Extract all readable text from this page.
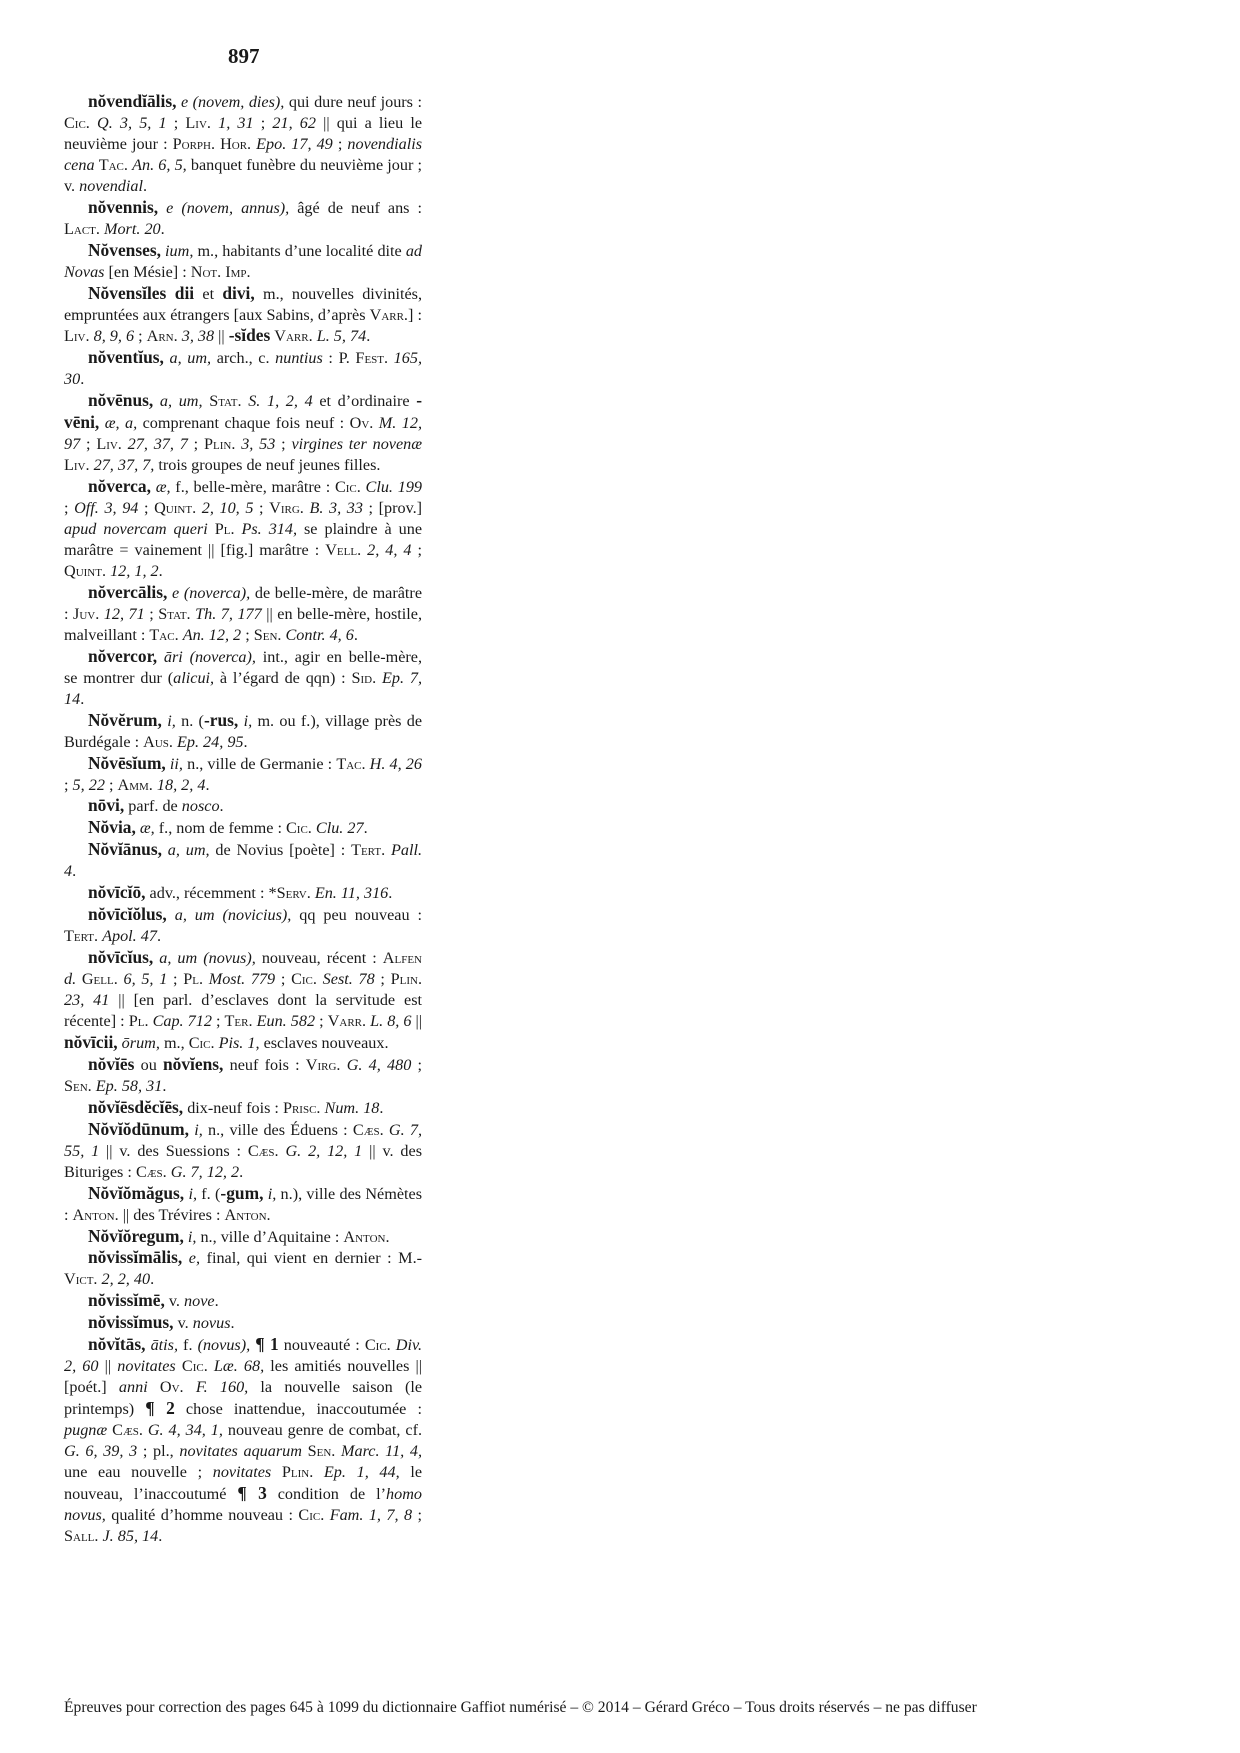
897

nŏvendĭālis, e (novem, dies), qui dure neuf jours : Cic. Q. 3, 5, 1 ; Liv. 1, 31 ; 21, 62 || qui a lieu le neuvième jour : Porph. Hor. Epo. 17, 49 ; novendialis cena Tac. An. 6, 5, banquet funèbre du neuvième jour ; v. novendial.

nŏvennis, e (novem, annus), âgé de neuf ans : Lact. Mort. 20.

Nŏvenses, ium, m., habitants d’une localité dite ad Novas [en Mésie] : Not. Imp.

Nŏvensĭles dii et divi, m., nouvelles divinités, empruntées aux étrangers [aux Sabins, d’après Varr.] : Liv. 8, 9, 6 ; Arn. 3, 38 || -sĭdes Varr. L. 5, 74.

nŏventĭus, a, um, arch., c. nuntius : P. Fest. 165, 30.

nŏvēnus, a, um, Stat. S. 1, 2, 4 et d’ordinaire -vēni, æ, a, comprenant chaque fois neuf : Ov. M. 12, 97 ; Liv. 27, 37, 7 ; Plin. 3, 53 ; virgines ter novenæ Liv. 27, 37, 7, trois groupes de neuf jeunes filles.

nŏverca, æ, f., belle-mère, marâtre : Cic. Clu. 199 ; Off. 3, 94 ; Quint. 2, 10, 5 ; Virg. B. 3, 33 ; [prov.] apud novercam queri Pl. Ps. 314, se plaindre à une marâtre = vainement || [fig.] marâtre : Vell. 2, 4, 4 ; Quint. 12, 1, 2.

nŏvercālis, e (noverca), de belle-mère, de marâtre : Juv. 12, 71 ; Stat. Th. 7, 177 || en belle-mère, hostile, malveillant : Tac. An. 12, 2 ; Sen. Contr. 4, 6.

nŏvercor, āri (noverca), int., agir en belle-mère, se montrer dur (alicui, à l’égard de qqn) : Sid. Ep. 7, 14.

Nŏvĕrum, i, n. (-rus, i, m. ou f.), village près de Burdégale : Aus. Ep. 24, 95.

Nŏvēsĭum, ii, n., ville de Germanie : Tac. H. 4, 26 ; 5, 22 ; Amm. 18, 2, 4.

nōvi, parf. de nosco.

Nŏvia, æ, f., nom de femme : Cic. Clu. 27.

Nŏvĭānus, a, um, de Novius [poète] : Tert. Pall. 4.

nŏvīcĭō, adv., récemment : *Serv. En. 11, 316.

nŏvīcĭŏlus, a, um (novicius), qq peu nouveau : Tert. Apol. 47.

nŏvīcĭus, a, um (novus), nouveau, récent : Alfen d. Gell. 6, 5, 1 ; Pl. Most. 779 ; Cic. Sest. 78 ; Plin. 23, 41 || [en parl. d’esclaves dont la servitude est récente] : Pl. Cap. 712 ; Ter. Eun. 582 ; Varr. L. 8, 6 || nŏvīcii, ōrum, m., Cic. Pis. 1, esclaves nouveaux.

nŏvĭēs ou nŏvĭens, neuf fois : Virg. G. 4, 480 ; Sen. Ep. 58, 31.

nŏvĭēsdĕcĭēs, dix-neuf fois : Prisc. Num. 18.

Nŏvĭŏdūnum, i, n., ville des Éduens : Cæs. G. 7, 55, 1 || v. des Suessions : Cæs. G. 2, 12, 1 || v. des Bituriges : Cæs. G. 7, 12, 2.

Nŏvĭŏmăgus, i, f. (-gum, i, n.), ville des Némètes : Anton. || des Trévires : Anton.

Nŏvĭŏregum, i, n., ville d’Aquitaine : Anton.

nŏvissĭmālis, e, final, qui vient en dernier : M.-Vict. 2, 2, 40.

nŏvissĭmē, v. nove.

nŏvissĭmus, v. novus.

nŏvĭtās, ātis, f. (novus), ¶ 1 nouveauté : Cic. Div. 2, 60 || novitates Cic. Læ. 68, les amitiés nouvelles || [poét.] anni Ov. F. 160, la nouvelle saison (le printemps) ¶ 2 chose inattendue, inaccoutumée : pugnæ Cæs. G. 4, 34, 1, nouveau genre de combat, cf. G. 6, 39, 3 ; pl., novitates aquarum Sen. Marc. 11, 4, une eau nouvelle ; novitates Plin. Ep. 1, 44, le nouveau, l’inaccoutumé ¶ 3 condition de l’homo novus, qualité d’homme nouveau : Cic. Fam. 1, 7, 8 ; Sall. J. 85, 14.

Épreuves pour correction des pages 645 à 1099 du dictionnaire Gaffiot numérisé – © 2014 – Gérard Gréco – Tous droits réservés – ne pas diffuser
